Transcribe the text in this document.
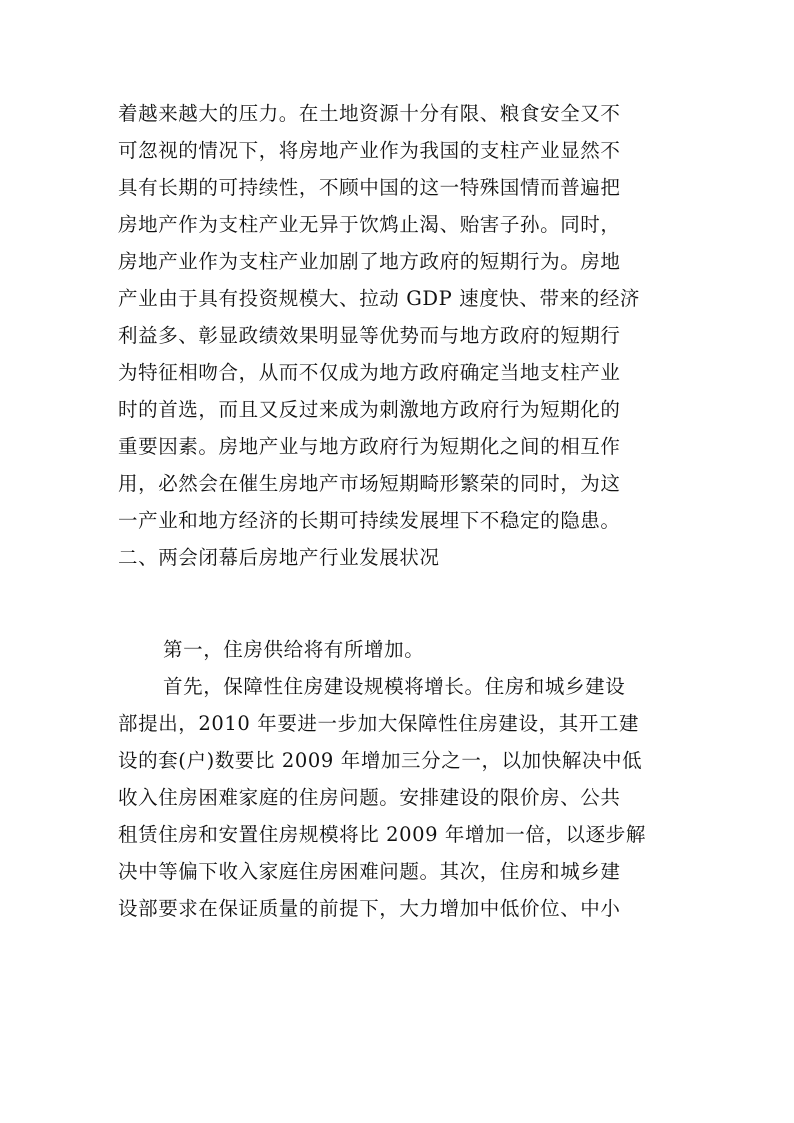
着越来越大的压力。在土地资源十分有限、粮食安全又不
可忽视的情况下，将房地产业作为我国的支柱产业显然不
具有长期的可持续性，不顾中国的这一特殊国情而普遍把
房地产作为支柱产业无异于饮鸩止渴、贻害子孙。同时，
房地产业作为支柱产业加剧了地方政府的短期行为。房地
产业由于具有投资规模大、拉动 GDP 速度快、带来的经济
利益多、彰显政绩效果明显等优势而与地方政府的短期行
为特征相吻合，从而不仅成为地方政府确定当地支柱产业
时的首选，而且又反过来成为刺激地方政府行为短期化的
重要因素。房地产业与地方政府行为短期化之间的相互作
用，必然会在催生房地产市场短期畸形繁荣的同时，为这
一产业和地方经济的长期可持续发展埋下不稳定的隐患。
二、两会闭幕后房地产行业发展状况
第一，住房供给将有所增加。
首先，保障性住房建设规模将增长。住房和城乡建设
部提出，2010 年要进一步加大保障性住房建设，其开工建
设的套(户)数要比 2009 年增加三分之一，以加快解决中低
收入住房困难家庭的住房问题。安排建设的限价房、公共
租赁住房和安置住房规模将比 2009 年增加一倍，以逐步解
决中等偏下收入家庭住房困难问题。其次，住房和城乡建
设部要求在保证质量的前提下，大力增加中低价位、中小
